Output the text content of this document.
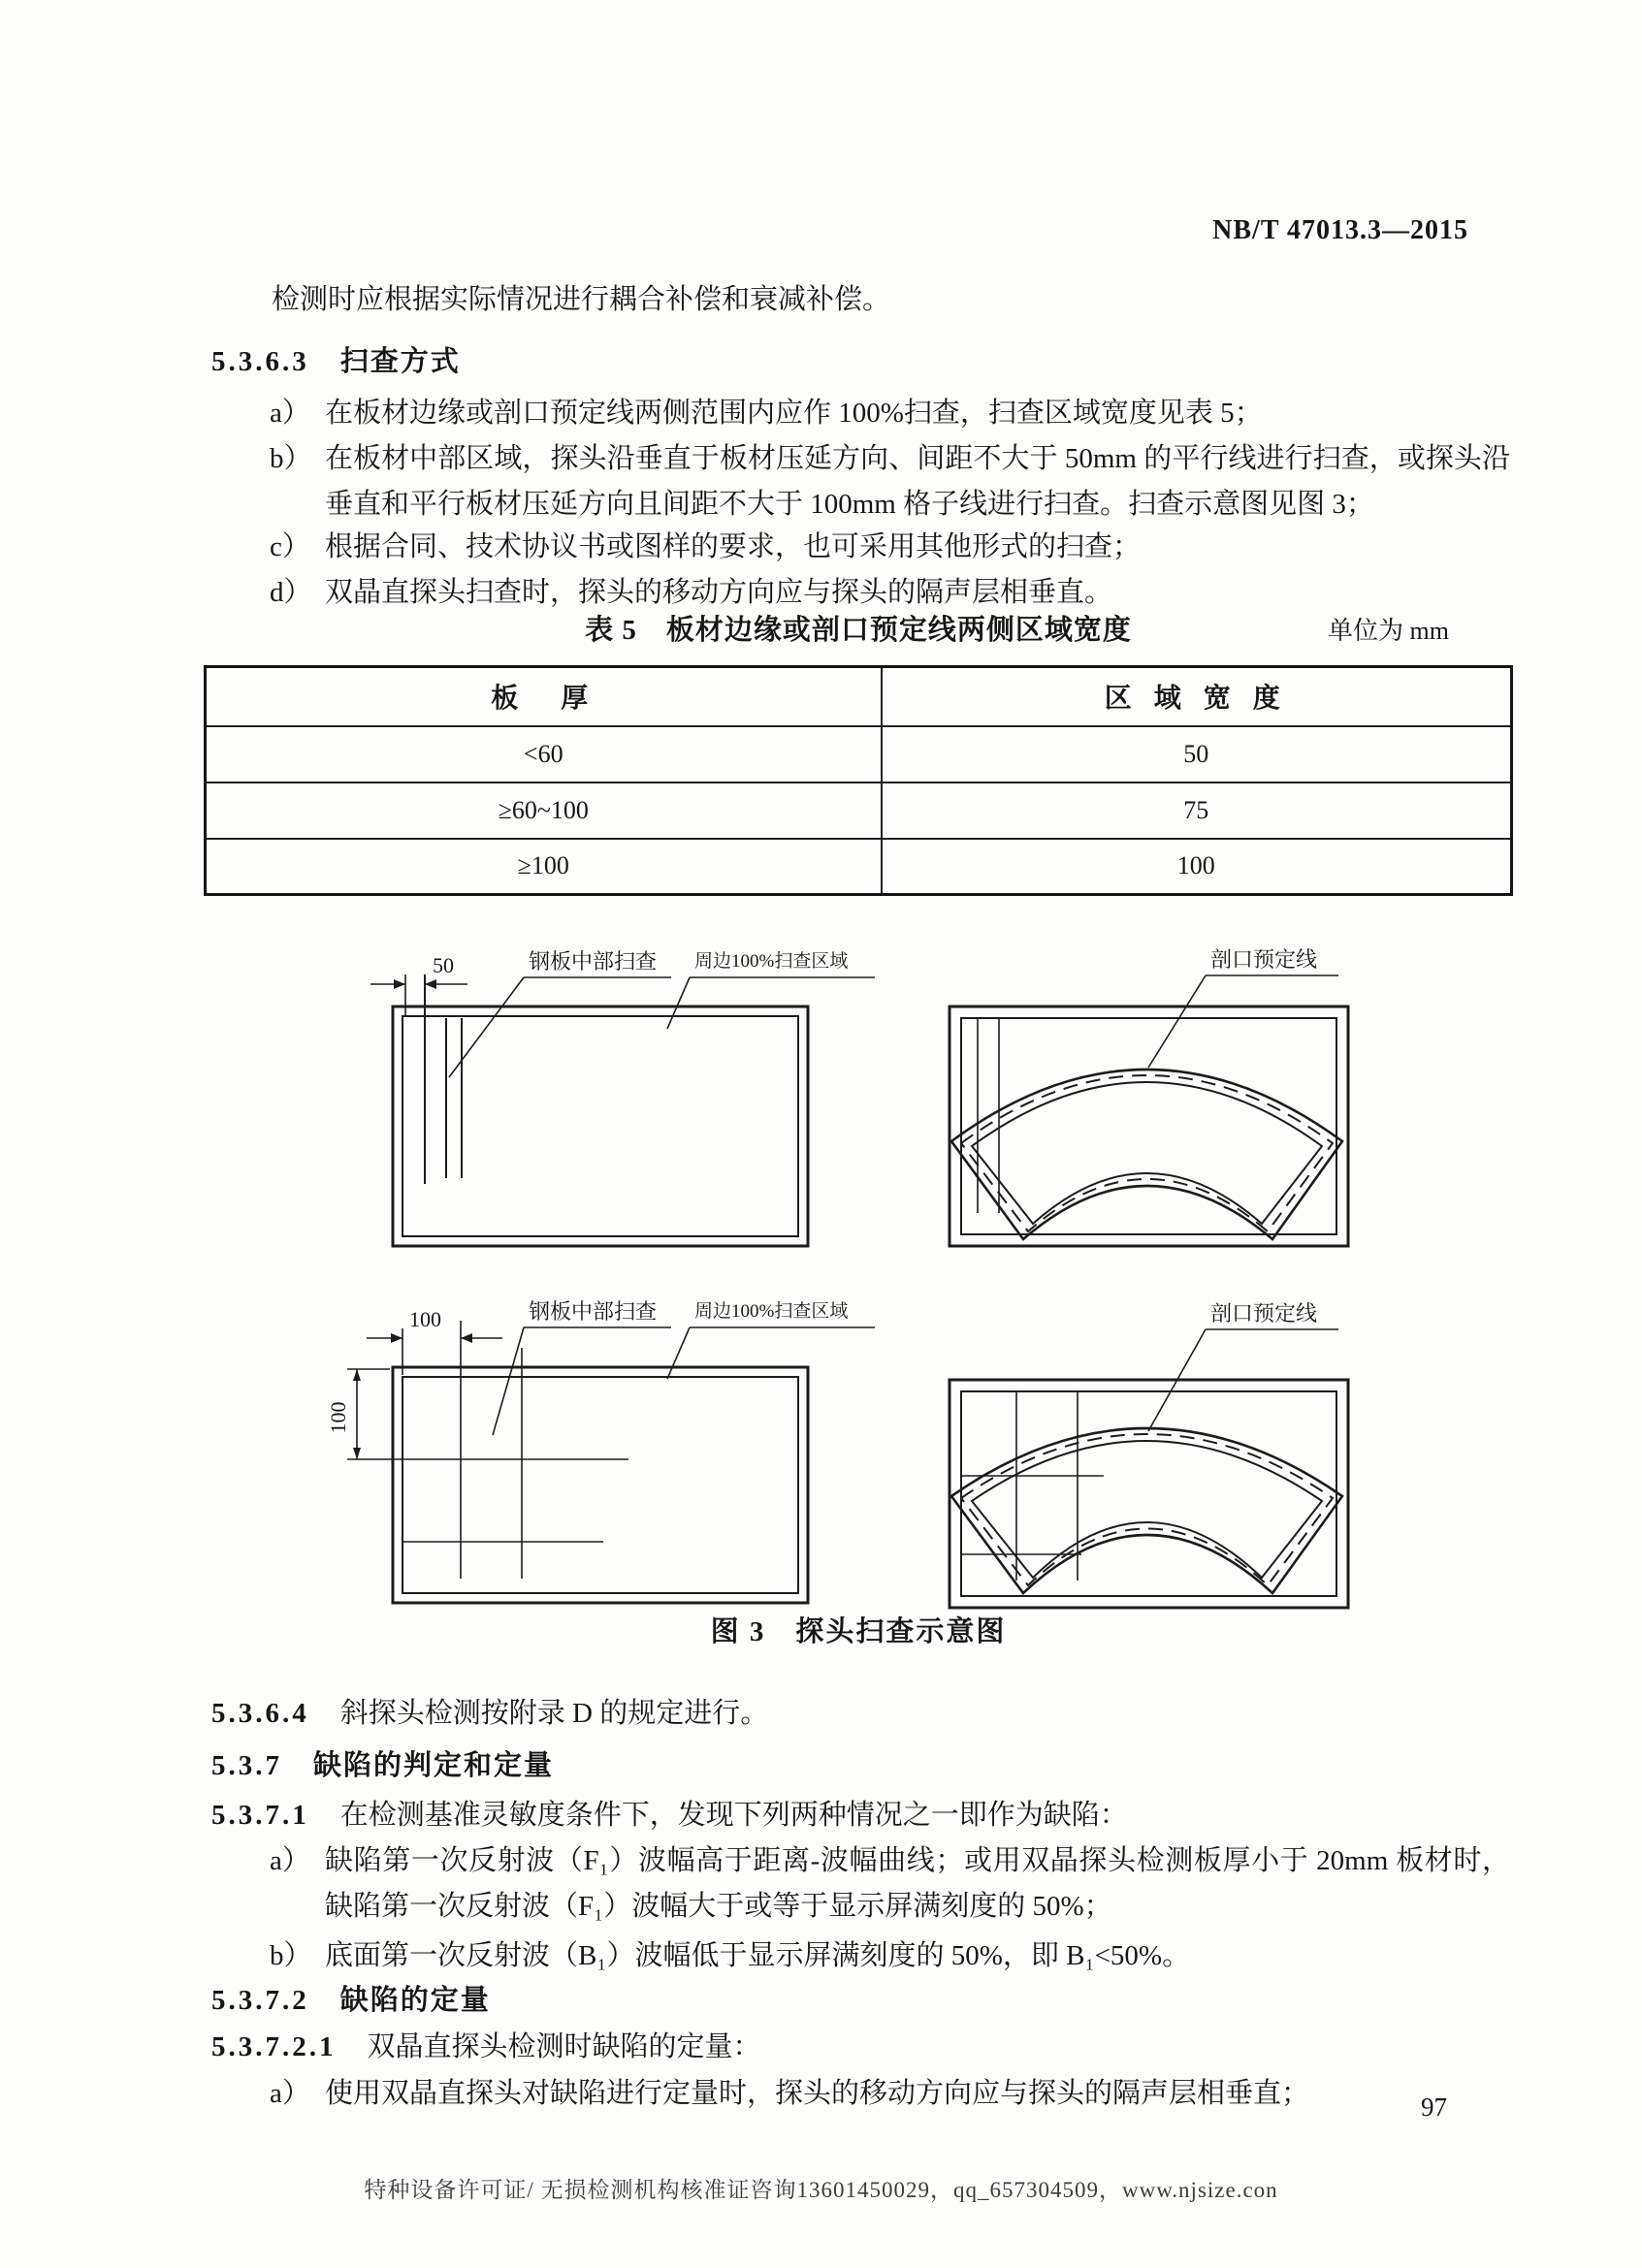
NB/T 47013.3—2015
检测时应根据实际情况进行耦合补偿和衰减补偿。
5.3.6.3 扫查方式
a） 在板材边缘或剖口预定线两侧范围内应作 100%扫查，扫查区域宽度见表 5；
b） 在板材中部区域，探头沿垂直于板材压延方向、间距不大于 50mm 的平行线进行扫查，或探头沿垂直和平行板材压延方向且间距不大于 100mm 格子线进行扫查。扫查示意图见图 3；
c） 根据合同、技术协议书或图样的要求，也可采用其他形式的扫查；
d） 双晶直探头扫查时，探头的移动方向应与探头的隔声层相垂直。
表 5　板材边缘或剖口预定线两侧区域宽度	单位为 mm
板　厚	区 域 宽 度
<60	50
≥60~100	75
≥100	100
50	钢板中部扫查 周边100%扫查区域	剖口预定线
100
100
钢板中部扫查 周边100%扫查区域	剖口预定线
图 3　探头扫查示意图
5.3.6.4 斜探头检测按附录 D 的规定进行。
5.3.7 缺陷的判定和定量
5.3.7.1 在检测基准灵敏度条件下，发现下列两种情况之一即作为缺陷：
a） 缺陷第一次反射波（F₁）波幅高于距离-波幅曲线；或用双晶探头检测板厚小于 20mm 板材时，缺陷第一次反射波（F₁）波幅大于或等于显示屏满刻度的 50%；
b） 底面第一次反射波（B₁）波幅低于显示屏满刻度的 50%，即 B₁<50%。
5.3.7.2 缺陷的定量
5.3.7.2.1 双晶直探头检测时缺陷的定量：
a） 使用双晶直探头对缺陷进行定量时，探头的移动方向应与探头的隔声层相垂直；	97
特种设备许可证/ 无损检测机构核准证咨询13601450029，qq_657304509，www.njsize.con
